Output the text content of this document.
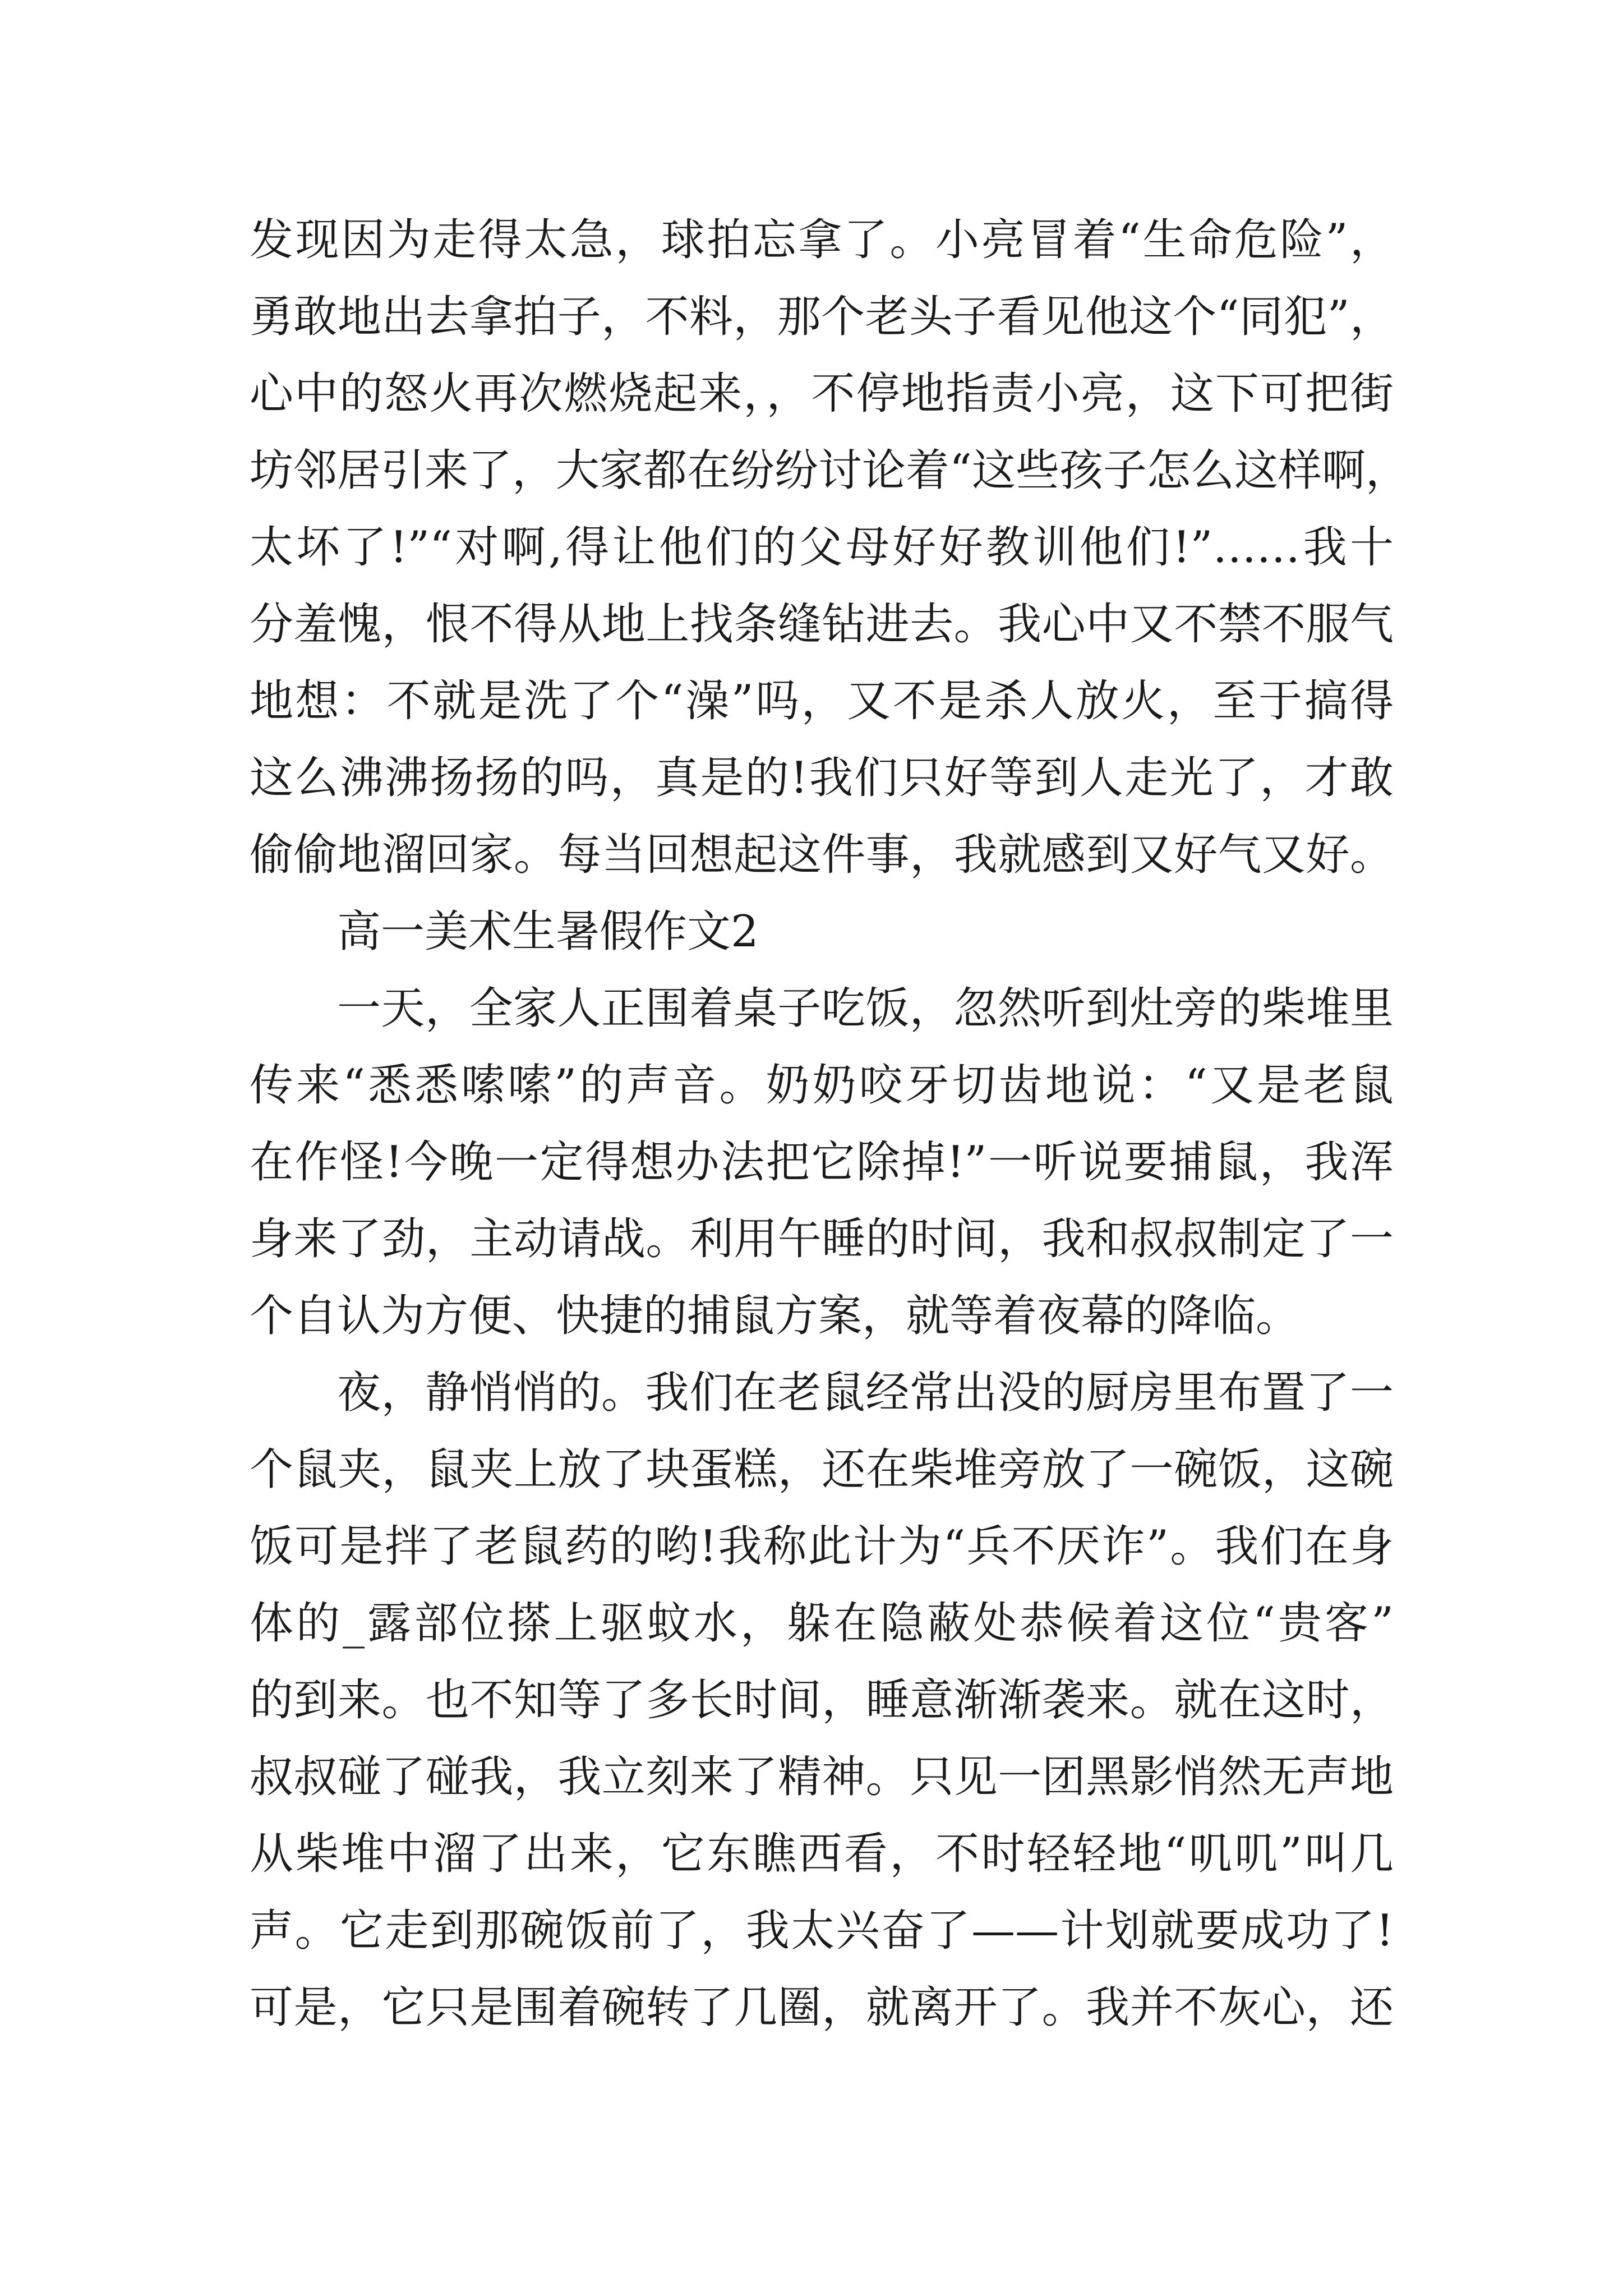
发现因为走得太急，球拍忘拿了。小亮冒着“生命危险”，
勇敢地出去拿拍子，不料，那个老头子看见他这个“同犯”，
心中的怒火再次燃烧起来，，不停地指责小亮，这下可把街
坊邻居引来了，大家都在纷纷讨论着“这些孩子怎么这样啊，
太坏了!”“对啊,得让他们的父母好好教训他们!”……我十
分羞愧，恨不得从地上找条缝钻进去。我心中又不禁不服气
地想：不就是洗了个“澡”吗，又不是杀人放火，至于搞得
这么沸沸扬扬的吗，真是的!我们只好等到人走光了，才敢
偷偷地溜回家。每当回想起这件事，我就感到又好气又好。
高一美术生暑假作文2
一天，全家人正围着桌子吃饭，忽然听到灶旁的柴堆里
传来“悉悉嗦嗦”的声音。奶奶咬牙切齿地说：“又是老鼠
在作怪!今晚一定得想办法把它除掉!”一听说要捕鼠，我浑
身来了劲，主动请战。利用午睡的时间，我和叔叔制定了一
个自认为方便、快捷的捕鼠方案，就等着夜幕的降临。
夜，静悄悄的。我们在老鼠经常出没的厨房里布置了一
个鼠夹，鼠夹上放了块蛋糕，还在柴堆旁放了一碗饭，这碗
饭可是拌了老鼠药的哟!我称此计为“兵不厌诈”。我们在身
体的_露部位搽上驱蚊水，躲在隐蔽处恭候着这位“贵客”
的到来。也不知等了多长时间，睡意渐渐袭来。就在这时，
叔叔碰了碰我，我立刻来了精神。只见一团黑影悄然无声地
从柴堆中溜了出来，它东瞧西看，不时轻轻地“叽叽”叫几
声。它走到那碗饭前了，我太兴奋了——计划就要成功了!
可是，它只是围着碗转了几圈，就离开了。我并不灰心，还
